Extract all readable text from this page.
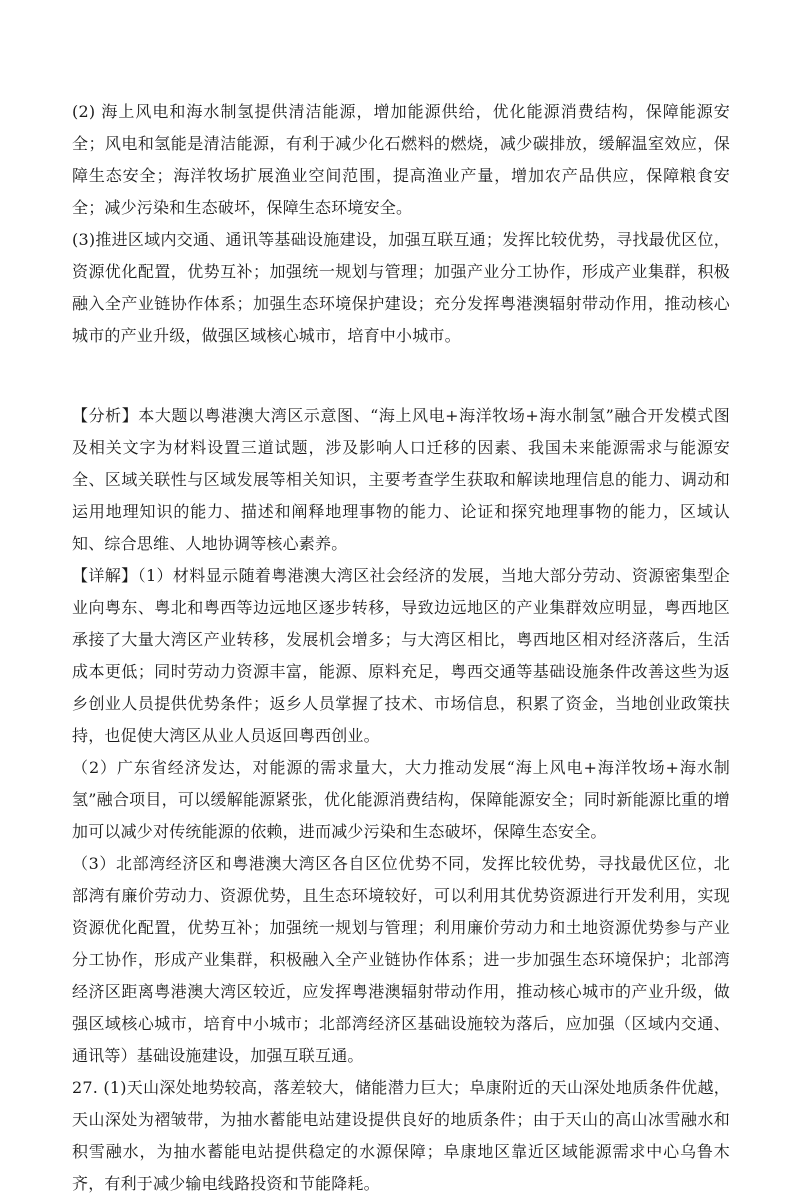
(2) 海上风电和海水制氢提供清洁能源，增加能源供给，优化能源消费结构，保障能源安全；风电和氢能是清洁能源，有利于减少化石燃料的燃烧，减少碳排放，缓解温室效应，保障生态安全；海洋牧场扩展渔业空间范围，提高渔业产量，增加农产品供应，保障粮食安全；减少污染和生态破坏，保障生态环境安全。

(3)推进区域内交通、通讯等基础设施建设，加强互联互通；发挥比较优势，寻找最优区位，资源优化配置，优势互补；加强统一规划与管理；加强产业分工协作，形成产业集群，积极融入全产业链协作体系；加强生态环境保护建设；充分发挥粤港澳辐射带动作用，推动核心城市的产业升级，做强区域核心城市，培育中小城市。

【分析】本大题以粤港澳大湾区示意图、“海上风电+海洋牧场+海水制氢”融合开发模式图及相关文字为材料设置三道试题，涉及影响人口迁移的因素、我国未来能源需求与能源安全、区域关联性与区域发展等相关知识，主要考查学生获取和解读地理信息的能力、调动和运用地理知识的能力、描述和阐释地理事物的能力、论证和探究地理事物的能力，区域认知、综合思维、人地协调等核心素养。

【详解】（1）材料显示随着粤港澳大湾区社会经济的发展，当地大部分劳动、资源密集型企业向粤东、粤北和粤西等边远地区逐步转移，导致边远地区的产业集群效应明显，粤西地区承接了大量大湾区产业转移，发展机会增多；与大湾区相比，粤西地区相对经济落后，生活成本更低；同时劳动力资源丰富，能源、原料充足，粤西交通等基础设施条件改善这些为返乡创业人员提供优势条件；返乡人员掌握了技术、市场信息，积累了资金，当地创业政策扶持，也促使大湾区从业人员返回粤西创业。

（2）广东省经济发达，对能源的需求量大，大力推动发展“海上风电+海洋牧场+海水制氢”融合项目，可以缓解能源紧张，优化能源消费结构，保障能源安全；同时新能源比重的增加可以减少对传统能源的依赖，进而减少污染和生态破坏，保障生态安全。

（3）北部湾经济区和粤港澳大湾区各自区位优势不同，发挥比较优势，寻找最优区位，北部湾有廉价劳动力、资源优势，且生态环境较好，可以利用其优势资源进行开发利用，实现资源优化配置，优势互补；加强统一规划与管理；利用廉价劳动力和土地资源优势参与产业分工协作，形成产业集群，积极融入全产业链协作体系；进一步加强生态环境保护；北部湾经济区距离粤港澳大湾区较近，应发挥粤港澳辐射带动作用，推动核心城市的产业升级，做强区域核心城市，培育中小城市；北部湾经济区基础设施较为落后，应加强（区域内交通、通讯等）基础设施建设，加强互联互通。

27. (1)天山深处地势较高，落差较大，储能潜力巨大；阜康附近的天山深处地质条件优越，天山深处为褶皱带，为抽水蓄能电站建设提供良好的地质条件；由于天山的高山冰雪融水和积雪融水，为抽水蓄能电站提供稳定的水源保障；阜康地区靠近区域能源需求中心乌鲁木齐，有利于减少输电线路投资和节能降耗。
